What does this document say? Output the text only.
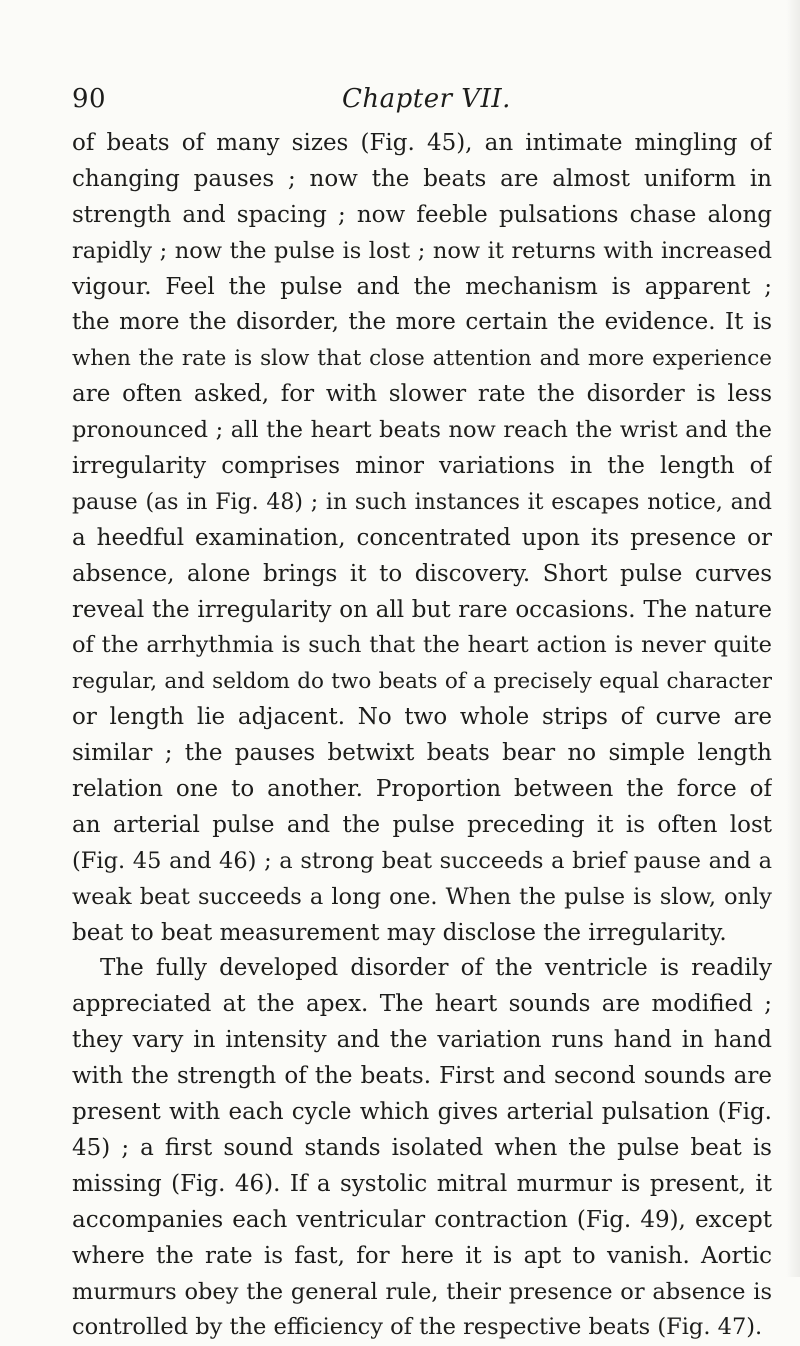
90	Chapter VII.
of beats of many sizes (Fig. 45), an intimate mingling of
changing pauses ; now the beats are almost uniform in
strength and spacing ; now feeble pulsations chase along
rapidly ; now the pulse is lost ; now it returns with increased
vigour. Feel the pulse and the mechanism is apparent ;
the more the disorder, the more certain the evidence. It is
when the rate is slow that close attention and more experience
are often asked, for with slower rate the disorder is less
pronounced ; all the heart beats now reach the wrist and the
irregularity comprises minor variations in the length of
pause (as in Fig. 48) ; in such instances it escapes notice, and
a heedful examination, concentrated upon its presence or
absence, alone brings it to discovery. Short pulse curves
reveal the irregularity on all but rare occasions. The nature
of the arrhythmia is such that the heart action is never quite
regular, and seldom do two beats of a precisely equal character
or length lie adjacent. No two whole strips of curve are
similar ; the pauses betwixt beats bear no simple length
relation one to another. Proportion between the force of
an arterial pulse and the pulse preceding it is often lost
(Fig. 45 and 46) ; a strong beat succeeds a brief pause and a
weak beat succeeds a long one. When the pulse is slow, only
beat to beat measurement may disclose the irregularity.
The fully developed disorder of the ventricle is readily
appreciated at the apex. The heart sounds are modified ;
they vary in intensity and the variation runs hand in hand
with the strength of the beats. First and second sounds are
present with each cycle which gives arterial pulsation (Fig.
45) ; a first sound stands isolated when the pulse beat is
missing (Fig. 46). If a systolic mitral murmur is present, it
accompanies each ventricular contraction (Fig. 49), except
where the rate is fast, for here it is apt to vanish. Aortic
murmurs obey the general rule, their presence or absence is
controlled by the efficiency of the respective beats (Fig. 47).
